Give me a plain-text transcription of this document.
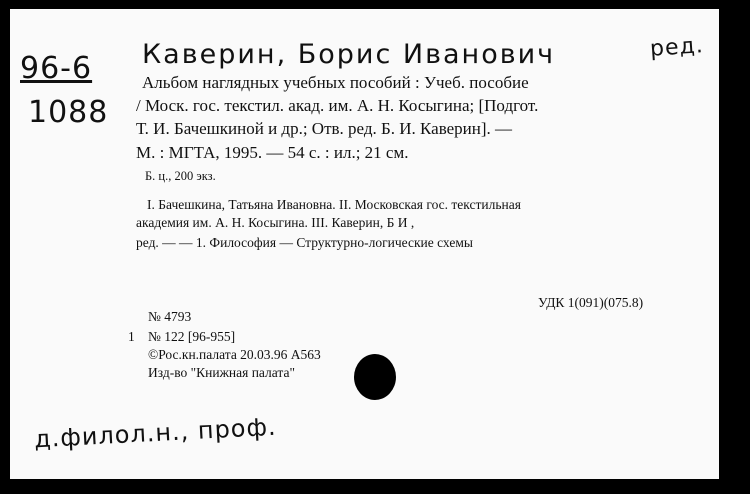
96-6
1088
Каверин, Борис Иванович	ред.
Альбом наглядных учебных пособий : Учеб. пособие
/ Моск. гос. текстил. акад. им. А. Н. Косыгина; [Подгот.
Т. И. Бачешкиной и др.; Отв. ред. Б. И. Каверин]. —
М. : МГТА, 1995. — 54 с. : ил.; 21 см.
Б. ц., 200 экз.
I. Бачешкина, Татьяна Ивановна. II. Московская гос. текстильная
академия им. А. Н. Косыгина. III. Каверин, Б И ,
ред. — — 1. Философия — Структурно-логические схемы
УДК 1(091)(075.8)
№ 4793
1 № 122 [96-955]
©Рос.кн.палата 20.03.96 А563
Изд-во "Книжная палата"
д.филол.н., проф.
